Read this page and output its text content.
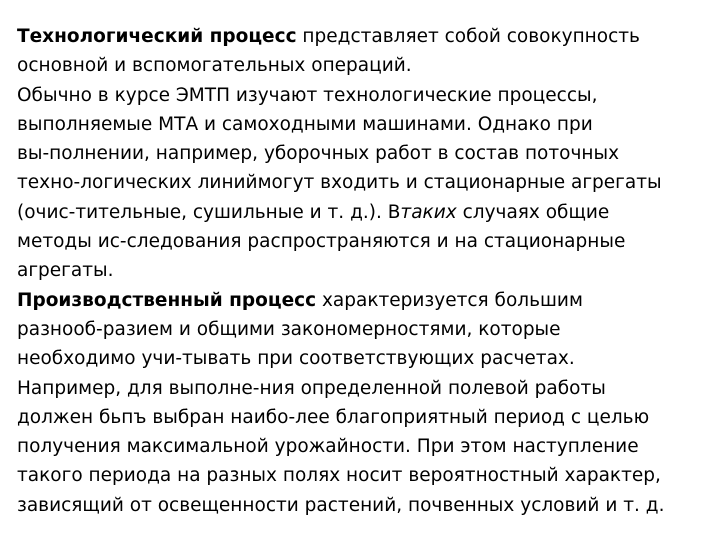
Технологический процесс представляет собой совокупность
основной и вспомогательных операций.
Обычно в курсе ЭМТП изучают технологические процессы,
выполняемые МТА и самоходными машинами. Однако при
вы-полнении, например, уборочных работ в состав поточных
техно-логических линиймогут входить и стационарные агрегаты
(очис-тительные, сушильные и т. д.). Втаких случаях общие
методы ис-следования распространяются и на стационарные
агрегаты.
Производственный процесс характеризуется большим
разнооб-разием и общими закономерностями, которые
необходимо учи-тывать при соответствующих расчетах.
Например, для выполне-ния определенной полевой работы
должен бьпъ выбран наибо-лее благоприятный период с целью
получения максимальной урожайности. При этом наступление
такого периода на разных полях носит вероятностный характер,
зависящий от освещенности растений, почвенных условий и т. д.
